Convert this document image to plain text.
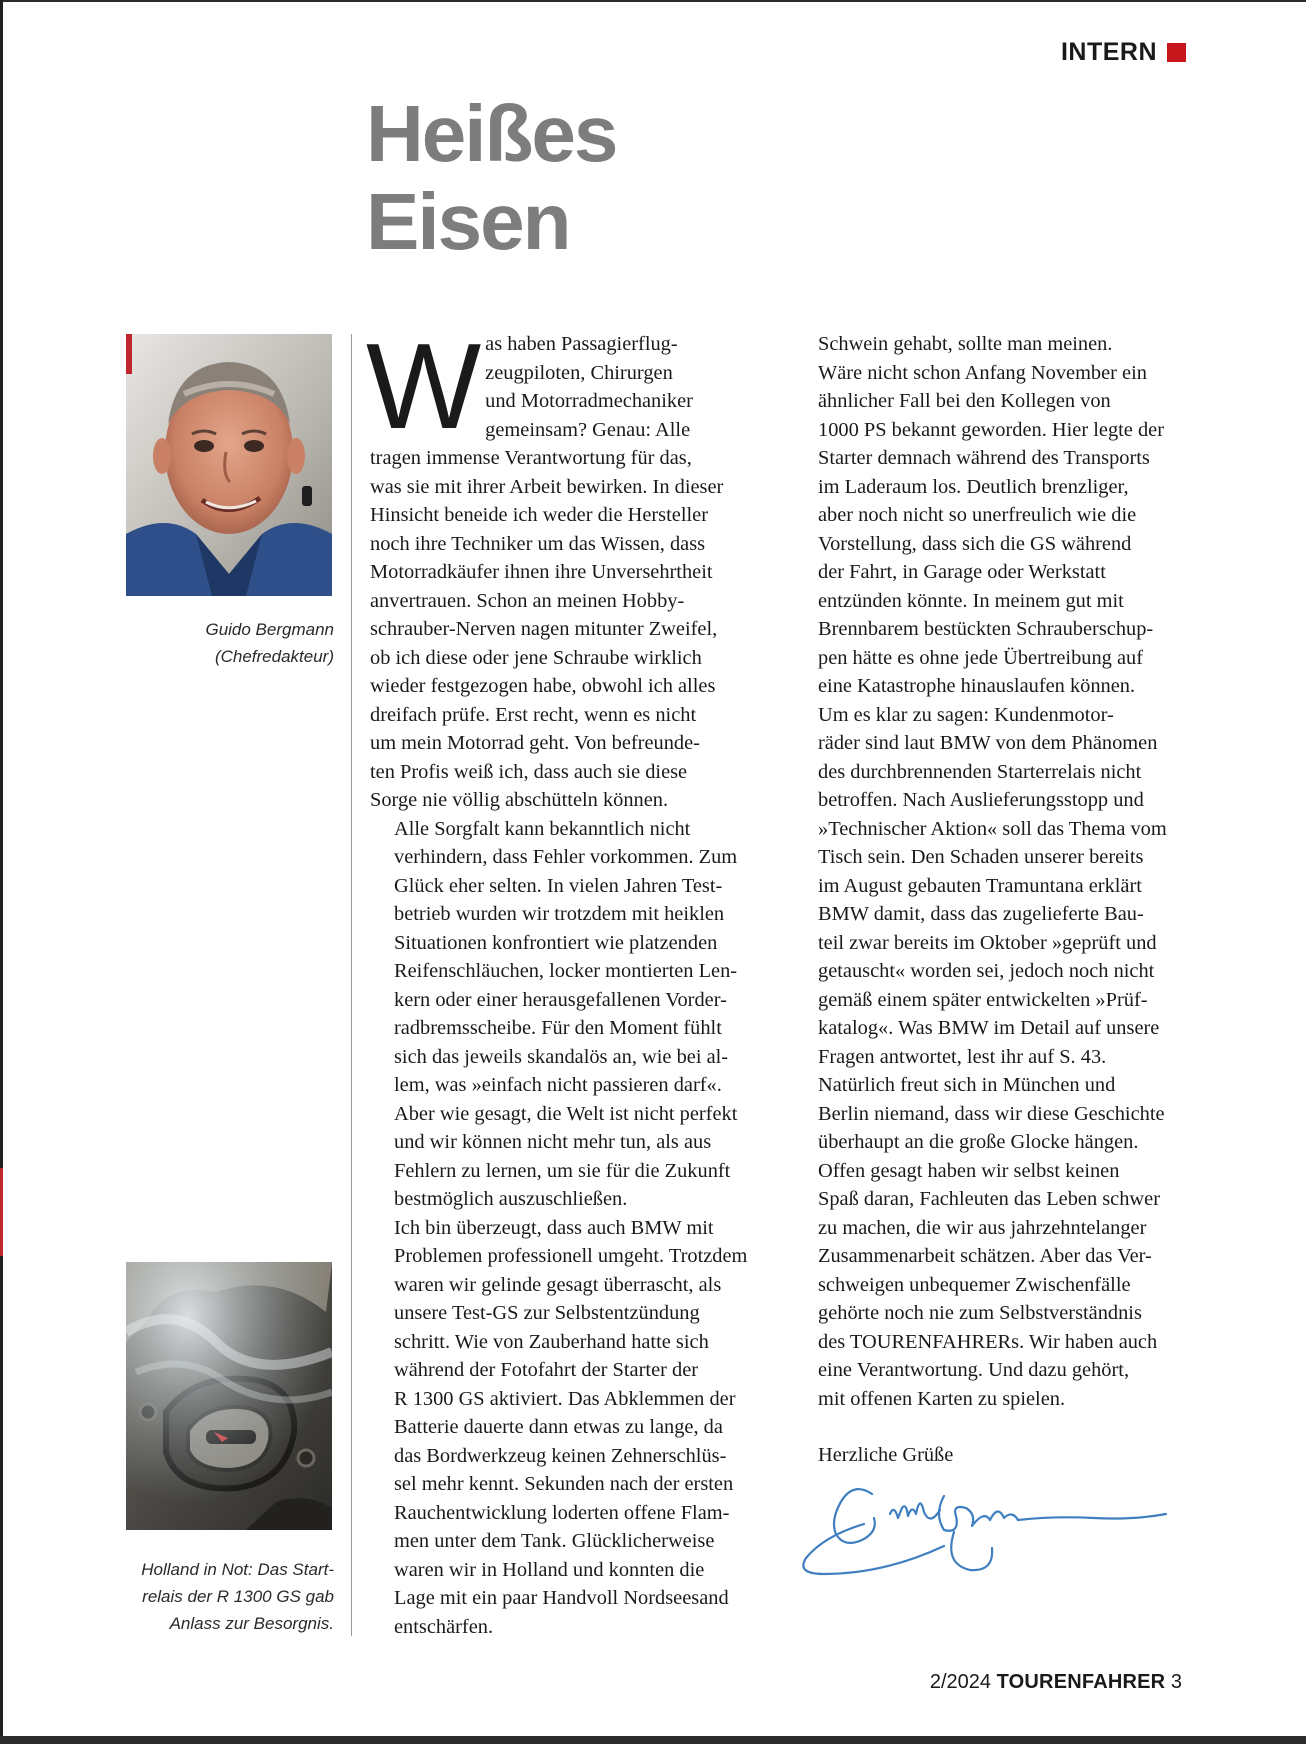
INTERN
Heißes
Eisen
Guido Bergmann
(Chefredakteur)
Holland in Not: Das Start-
relais der R 1300 GS gab
Anlass zur Besorgnis.
W as haben Passagierflug-
zeugpiloten, Chirurgen
und Motorradmechaniker
gemeinsam? Genau: Alle
tragen immense Verantwortung für das,
was sie mit ihrer Arbeit bewirken. In dieser
Hinsicht beneide ich weder die Hersteller
noch ihre Techniker um das Wissen, dass
Motorradkäufer ihnen ihre Unversehrtheit
anvertrauen. Schon an meinen Hobby-
schrauber-Nerven nagen mitunter Zweifel,
ob ich diese oder jene Schraube wirklich
wieder festgezogen habe, obwohl ich alles
dreifach prüfe. Erst recht, wenn es nicht
um mein Motorrad geht. Von befreunde-
ten Profis weiß ich, dass auch sie diese
Sorge nie völlig abschütteln können.

Alle Sorgfalt kann bekanntlich nicht
verhindern, dass Fehler vorkommen. Zum
Glück eher selten. In vielen Jahren Test-
betrieb wurden wir trotzdem mit heiklen
Situationen konfrontiert wie platzenden
Reifenschläuchen, locker montierten Len-
kern oder einer herausgefallenen Vorder-
radbremsscheibe. Für den Moment fühlt
sich das jeweils skandalös an, wie bei al-
lem, was »einfach nicht passieren darf«.
Aber wie gesagt, die Welt ist nicht perfekt
und wir können nicht mehr tun, als aus
Fehlern zu lernen, um sie für die Zukunft
bestmöglich auszuschließen.

Ich bin überzeugt, dass auch BMW mit
Problemen professionell umgeht. Trotzdem
waren wir gelinde gesagt überrascht, als
unsere Test-GS zur Selbstentzündung
schritt. Wie von Zauberhand hatte sich
während der Fotofahrt der Starter der
R 1300 GS aktiviert. Das Abklemmen der
Batterie dauerte dann etwas zu lange, da
das Bordwerkzeug keinen Zehnerschlüs-
sel mehr kennt. Sekunden nach der ersten
Rauchentwicklung loderten offene Flam-
men unter dem Tank. Glücklicherweise
waren wir in Holland und konnten die
Lage mit ein paar Handvoll Nordseesand
entschärfen.

Schwein gehabt, sollte man meinen.
Wäre nicht schon Anfang November ein
ähnlicher Fall bei den Kollegen von
1000 PS bekannt geworden. Hier legte der
Starter demnach während des Transports
im Laderaum los. Deutlich brenzliger,
aber noch nicht so unerfreulich wie die
Vorstellung, dass sich die GS während
der Fahrt, in Garage oder Werkstatt
entzünden könnte. In meinem gut mit
Brennbarem bestückten Schrauberschup-
pen hätte es ohne jede Übertreibung auf
eine Katastrophe hinauslaufen können.

Um es klar zu sagen: Kundenmotor-
räder sind laut BMW von dem Phänomen
des durchbrennenden Starterrelais nicht
betroffen. Nach Auslieferungsstopp und
»Technischer Aktion« soll das Thema vom
Tisch sein. Den Schaden unserer bereits
im August gebauten Tramuntana erklärt
BMW damit, dass das zugelieferte Bau-
teil zwar bereits im Oktober »geprüft und
getauscht« worden sei, jedoch noch nicht
gemäß einem später entwickelten »Prüf-
katalog«. Was BMW im Detail auf unsere
Fragen antwortet, lest ihr auf S. 43.

Natürlich freut sich in München und
Berlin niemand, dass wir diese Geschichte
überhaupt an die große Glocke hängen.
Offen gesagt haben wir selbst keinen
Spaß daran, Fachleuten das Leben schwer
zu machen, die wir aus jahrzehntelanger
Zusammenarbeit schätzen. Aber das Ver-
schweigen unbequemer Zwischenfälle
gehörte noch nie zum Selbstverständnis
des TOURENFAHRERs. Wir haben auch
eine Verantwortung. Und dazu gehört,
mit offenen Karten zu spielen.

Herzliche Grüße

2/2024 TOURENFAHRER 3
